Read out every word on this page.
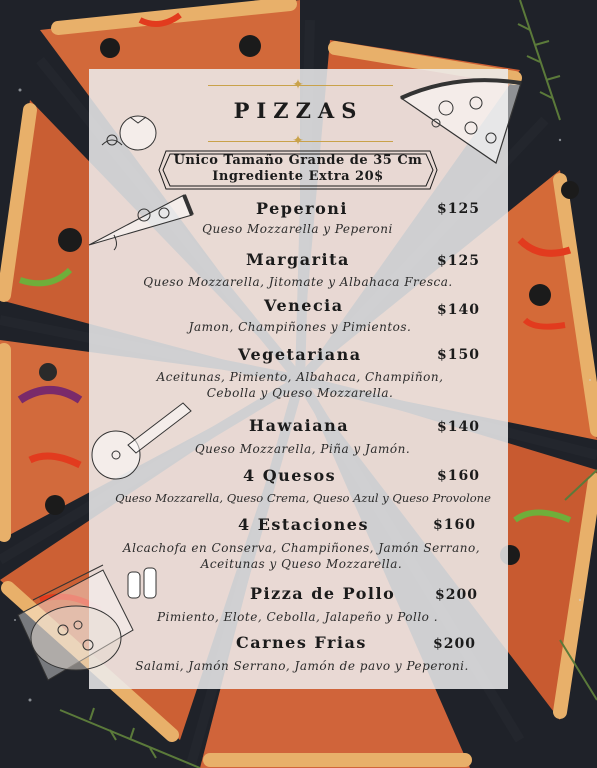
✦
✦
PIZZAS
Unico Tamaño Grande de 35 Cm
Ingrediente Extra 20$
Peperoni	$125
Queso Mozzarella y Peperoni
Margarita	$125
Queso Mozzarella, Jitomate y Albahaca Fresca.
Venecia	$140
Jamon, Champiñones y Pimientos.
Vegetariana	$150
Aceitunas, Pimiento, Albahaca, Champiñon, Cebolla y Queso Mozzarella.
Hawaiana	$140
Queso Mozzarella, Piña y Jamón.
4 Quesos	$160
Queso Mozzarella, Queso Crema, Queso Azul y Queso Provolone
4 Estaciones	$160
Alcachofa en Conserva, Champiñones, Jamón Serrano, Aceitunas y Queso Mozzarella.
Pizza de Pollo	$200
Pimiento, Elote, Cebolla, Jalapeño y Pollo .
Carnes Frias	$200
Salami, Jamón Serrano, Jamón de pavo y Peperoni.
